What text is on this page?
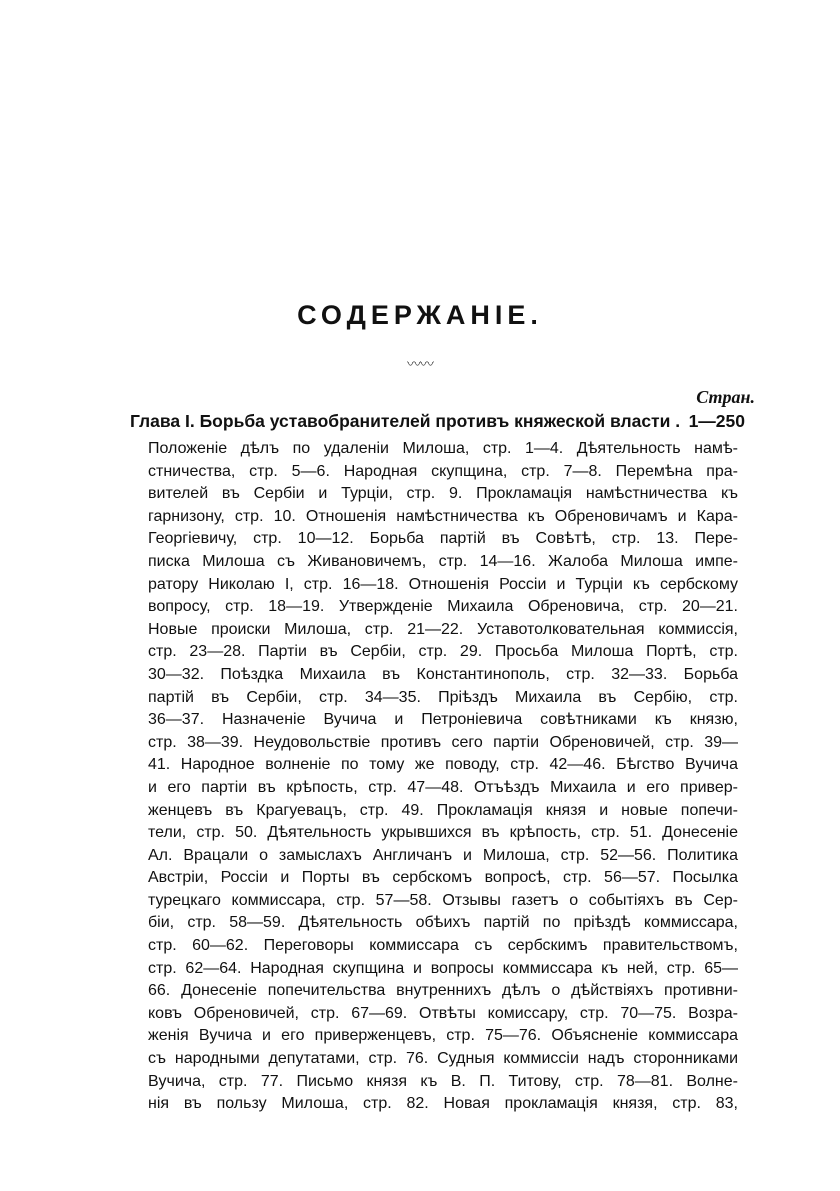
СОДЕРЖАНІЕ.
〰〰
Стран.
Глава I. Борьба уставобранителей противъ княжеской власти . 1—250
Положеніе дѣлъ по удаленіи Милоша, стр. 1—4. Дѣятельность намѣ-
стничества, стр. 5—6. Народная скупщина, стр. 7—8. Перемѣна пра-
вителей въ Сербіи и Турціи, стр. 9. Прокламація намѣстничества къ
гарнизону, стр. 10. Отношенія намѣстничества къ Обреновичамъ и Кара-
Георгіевичу, стр. 10—12. Борьба партій въ Совѣтѣ, стр. 13. Пере-
писка Милоша съ Живановичемъ, стр. 14—16. Жалоба Милоша импе-
ратору Николаю I, стр. 16—18. Отношенія Россіи и Турціи къ сербскому
вопросу, стр. 18—19. Утвержденіе Михаила Обреновича, стр. 20—21.
Новые происки Милоша, стр. 21—22. Уставотолковательная коммиссія,
стр. 23—28. Партіи въ Сербіи, стр. 29. Просьба Милоша Портѣ, стр.
30—32. Поѣздка Михаила въ Константинополь, стр. 32—33. Борьба
партій въ Сербіи, стр. 34—35. Пріѣздъ Михаила въ Сербію, стр.
36—37. Назначеніе Вучича и Петроніевича совѣтниками къ князю,
стр. 38—39. Неудовольствіе противъ сего партіи Обреновичей, стр. 39—
41. Народное волненіе по тому же поводу, стр. 42—46. Бѣгство Вучича
и его партіи въ крѣпость, стр. 47—48. Отъѣздъ Михаила и его привер-
женцевъ въ Крагуевацъ, стр. 49. Прокламація князя и новые попечи-
тели, стр. 50. Дѣятельность укрывшихся въ крѣпость, стр. 51. Донесеніе
Ал. Врацали о замыслахъ Англичанъ и Милоша, стр. 52—56. Политика
Австріи, Россіи и Порты въ сербскомъ вопросѣ, стр. 56—57. Посылка
турецкаго коммиссара, стр. 57—58. Отзывы газетъ о событіяхъ въ Сер-
біи, стр. 58—59. Дѣятельность обѣихъ партій по пріѣздѣ коммиссара,
стр. 60—62. Переговоры коммиссара съ сербскимъ правительствомъ,
стр. 62—64. Народная скупщина и вопросы коммиссара къ ней, стр. 65—
66. Донесеніе попечительства внутреннихъ дѣлъ о дѣйствіяхъ противни-
ковъ Обреновичей, стр. 67—69. Отвѣты комиссару, стр. 70—75. Возра-
женія Вучича и его приверженцевъ, стр. 75—76. Объясненіе коммиссара
съ народными депутатами, стр. 76. Судныя коммиссіи надъ сторонниками
Вучича, стр. 77. Письмо князя къ В. П. Титову, стр. 78—81. Волне-
нія въ пользу Милоша, стр. 82. Новая прокламація князя, стр. 83,
